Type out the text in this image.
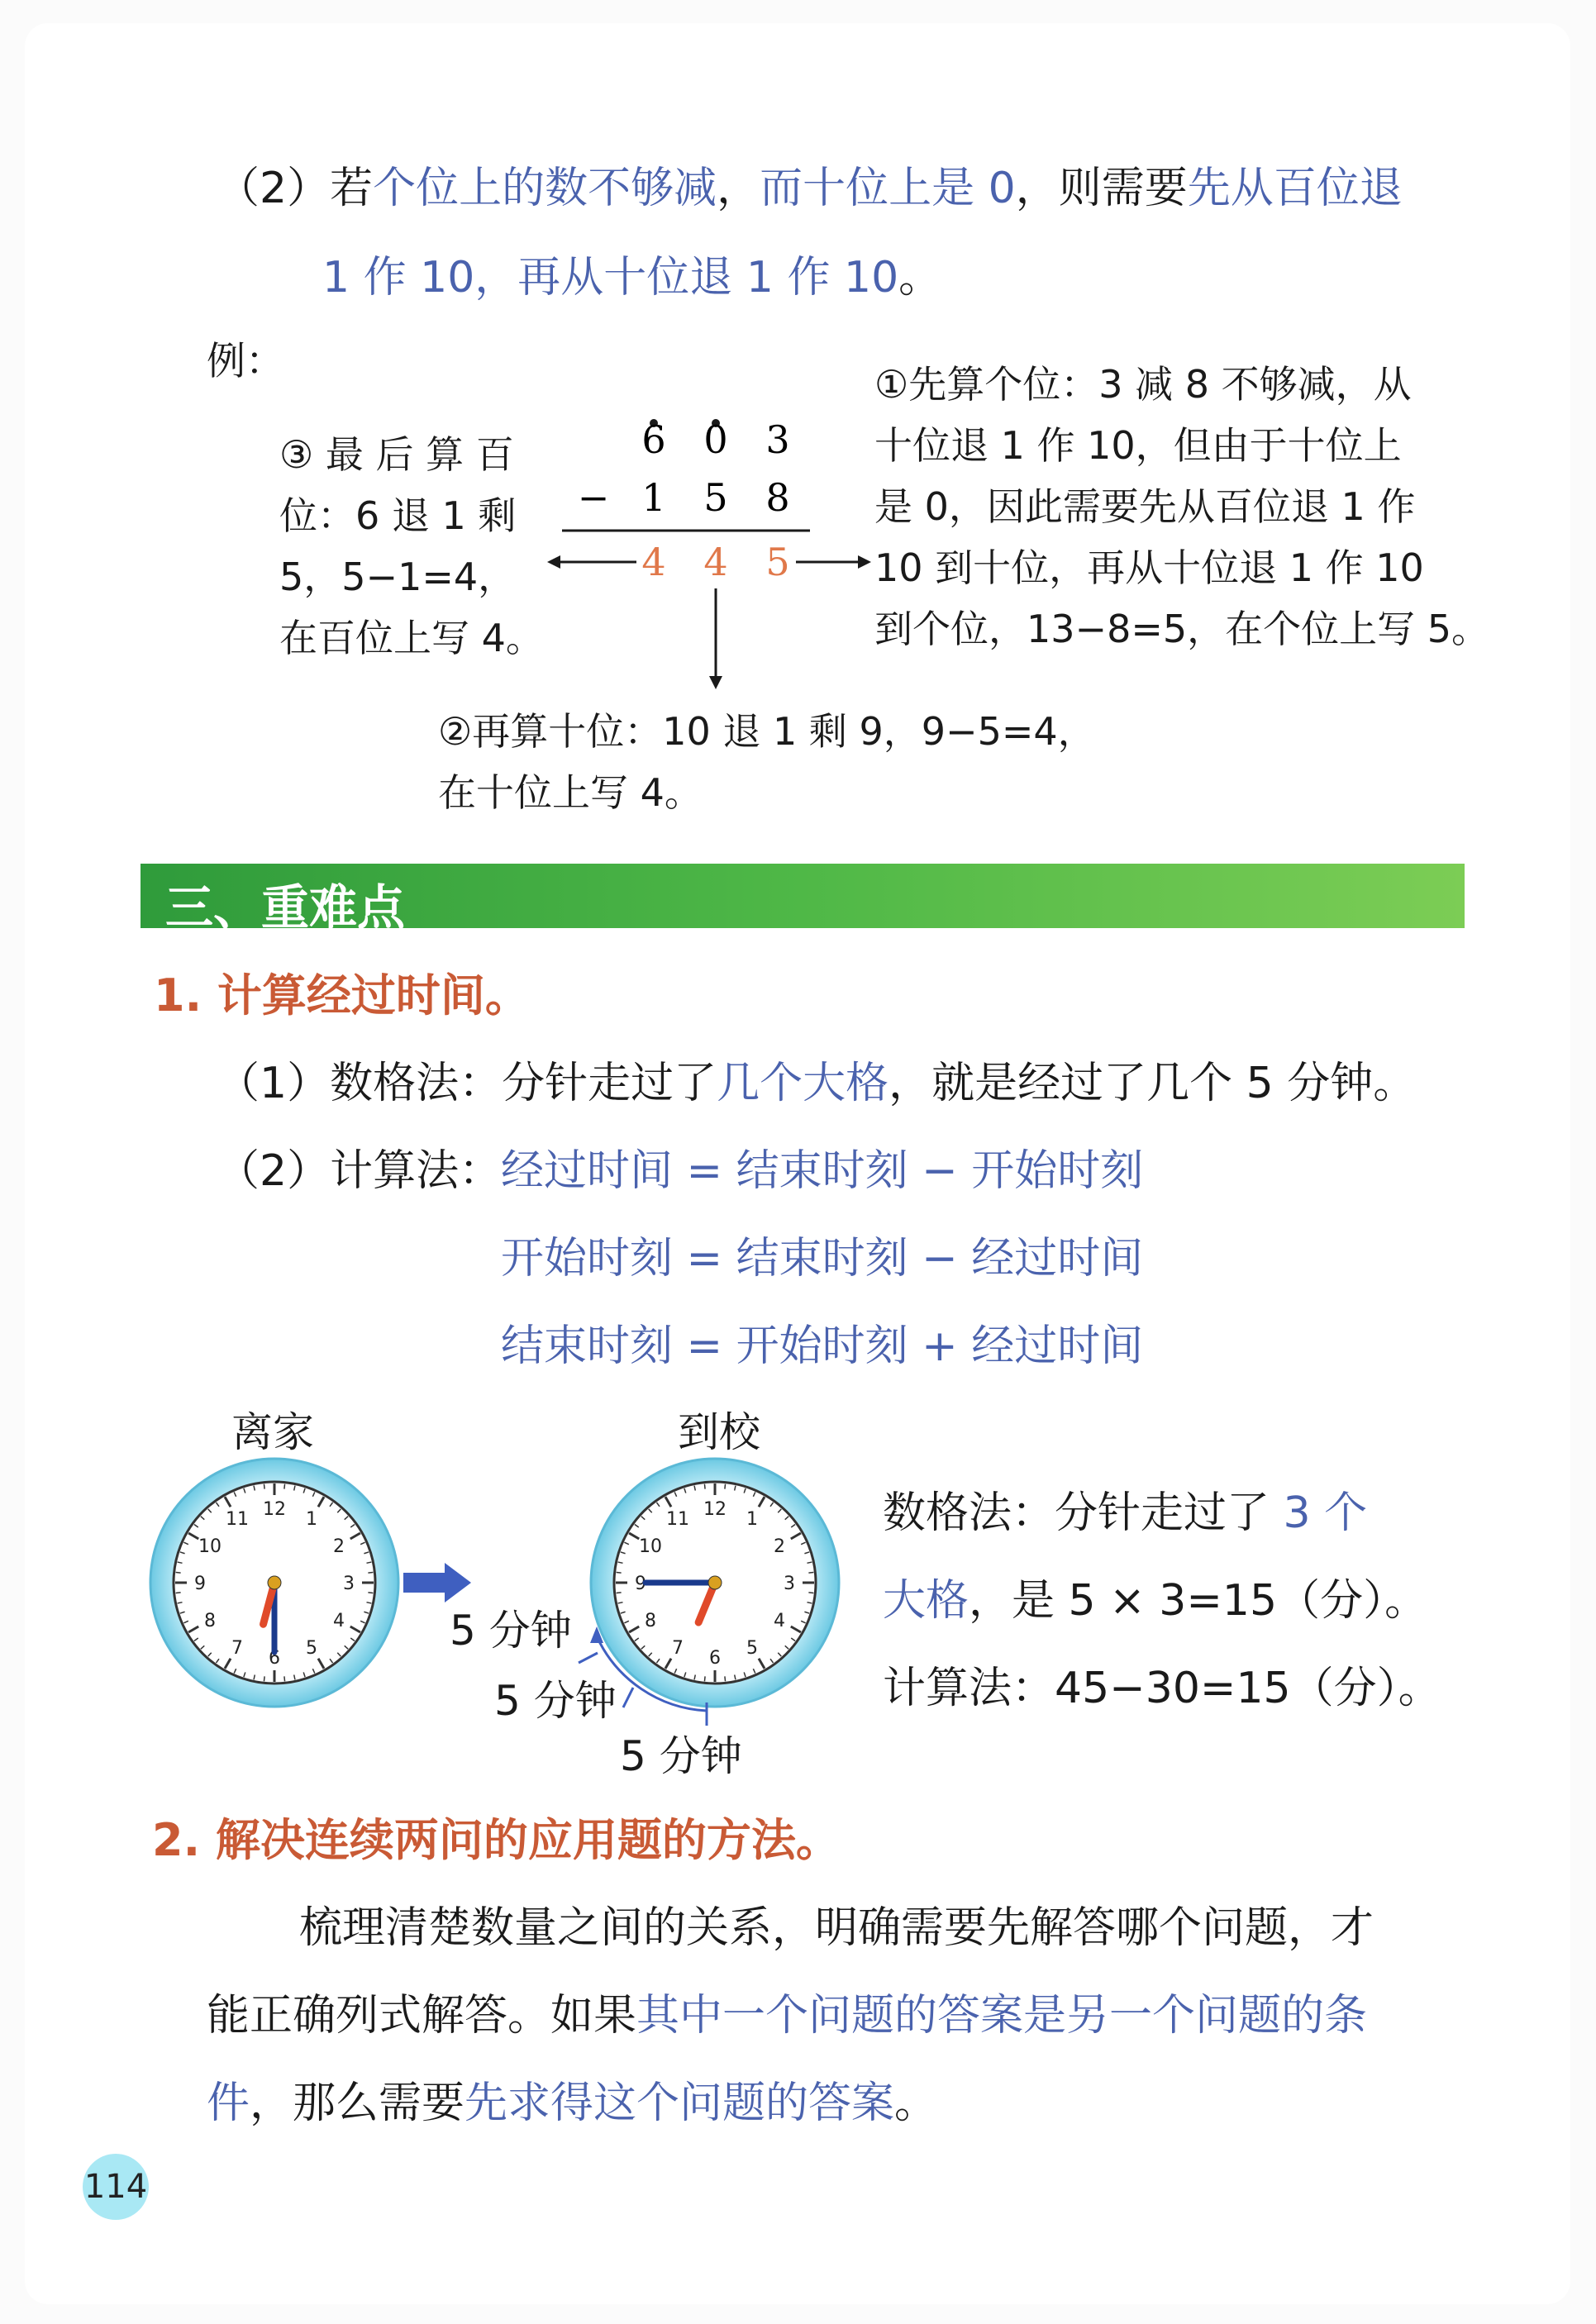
（2）若个位上的数不够减，而十位上是 0，则需要先从百位退
1 作 10，再从十位退 1 作 10。
例：	①先算个位：3 减 8 不够减，从
十位退 1 作 10，但由于十位上
是 0，因此需要先从百位退 1 作
10 到十位，再从十位退 1 作 10
到个位，13−8=5，在个位上写 5。
③ 最 后 算 百
位：6 退 1 剩
5，5−1=4，
在百位上写 4。
②再算十位：10 退 1 剩 9，9−5=4，
在十位上写 4。
6 0 3
− 1 5 8
4 4 5
三、重难点
1. 计算经过时间。
（1）数格法：分针走过了几个大格，就是经过了几个 5 分钟。
（2）计算法：
经过时间 = 结束时刻 − 开始时刻
开始时刻 = 结束时刻 − 经过时间
结束时刻 = 开始时刻 + 经过时间
离家	到校
12 1
2
3
4
5
6
7
8
9
10
11	12 1
2
3
4
5
6
7
8
9
10
11
5 分钟
5 分钟
5 分钟
数格法：分针走过了 3 个
大格，是 5 × 3=15（分）。
计算法：45−30=15（分）。
2. 解决连续两问的应用题的方法。
梳理清楚数量之间的关系，明确需要先解答哪个问题，才
能正确列式解答。如果其中一个问题的答案是另一个问题的条
件，那么需要先求得这个问题的答案。
114
